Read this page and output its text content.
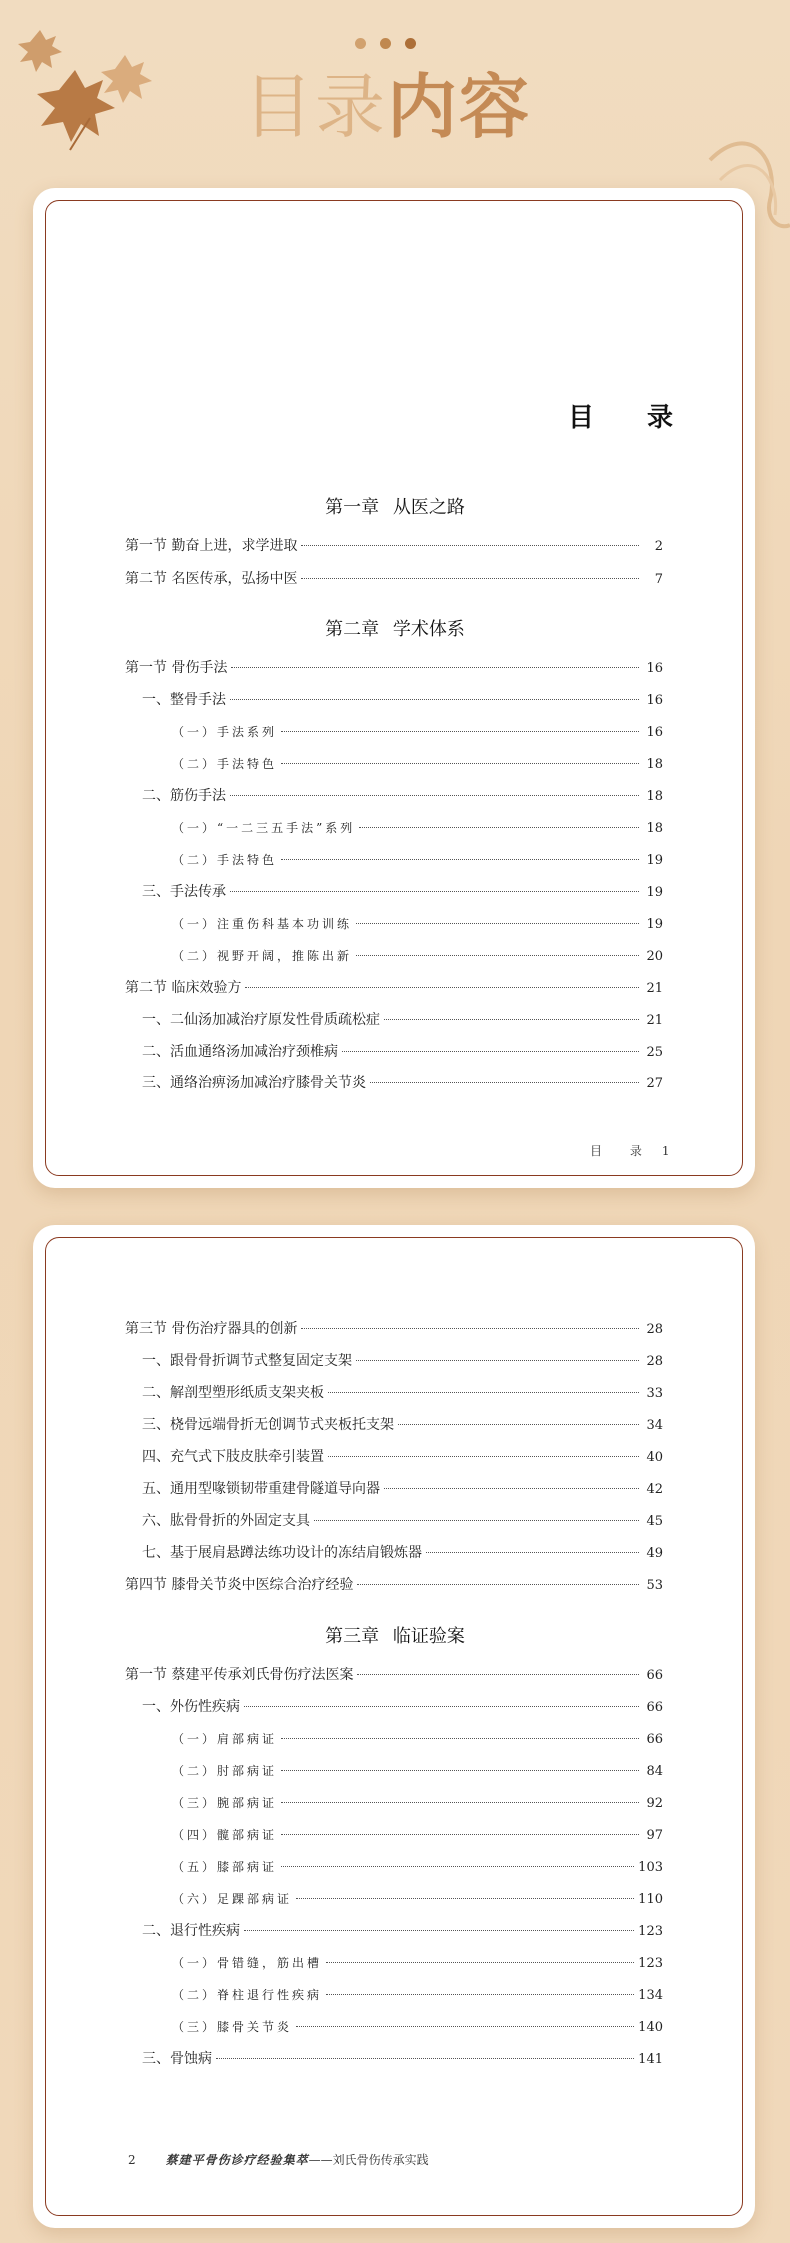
目录内容
目 录
第一章 从医之路
第一节 勤奋上进，求学进取	2
第二节 名医传承，弘扬中医	7
第二章 学术体系
第一节 骨伤手法	16
一、整骨手法	16
（一）手法系列	16
（二）手法特色	18
二、筋伤手法	18
（一）“一二三五手法”系列	18
（二）手法特色	19
三、手法传承	19
（一）注重伤科基本功训练	19
（二）视野开阔，推陈出新	20
第二节 临床效验方	21
一、二仙汤加减治疗原发性骨质疏松症	21
二、活血通络汤加减治疗颈椎病	25
三、通络治痹汤加减治疗膝骨关节炎	27
目 录 1
第三节 骨伤治疗器具的创新	28
一、跟骨骨折调节式整复固定支架	28
二、解剖型塑形纸质支架夹板	33
三、桡骨远端骨折无创调节式夹板托支架	34
四、充气式下肢皮肤牵引装置	40
五、通用型喙锁韧带重建骨隧道导向器	42
六、肱骨骨折的外固定支具	45
七、基于展肩悬蹲法练功设计的冻结肩锻炼器	49
第四节 膝骨关节炎中医综合治疗经验	53
第三章 临证验案
第一节 蔡建平传承刘氏骨伤疗法医案	66
一、外伤性疾病	66
（一）肩部病证	66
（二）肘部病证	84
（三）腕部病证	92
（四）髋部病证	97
（五）膝部病证	103
（六）足踝部病证	110
二、退行性疾病	123
（一）骨错缝，筋出槽	123
（二）脊柱退行性疾病	134
（三）膝骨关节炎	140
三、骨蚀病	141
2	蔡建平骨伤诊疗经验集萃——刘氏骨伤传承实践
